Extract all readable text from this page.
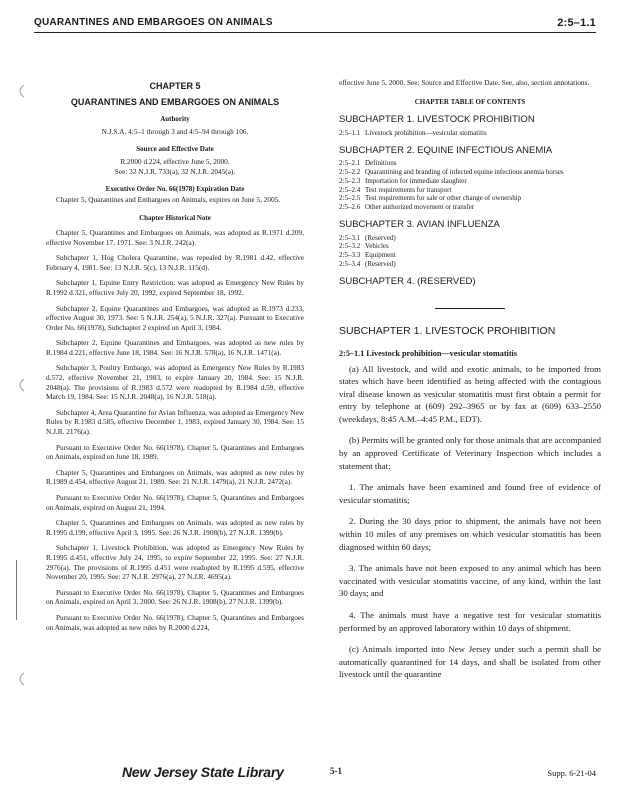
QUARANTINES AND EMBARGOES ON ANIMALS	2:5–1.1
CHAPTER 5
QUARANTINES AND EMBARGOES ON ANIMALS
Authority
N.J.S.A. 4:5–1 through 3 and 4:5–94 through 106.
Source and Effective Date
R.2000 d.224, effective June 5, 2000.
See: 32 N.J.R. 733(a), 32 N.J.R. 2045(a).
Executive Order No. 66(1978) Expiration Date

Chapter 5, Quarantines and Embargoes on Animals, expires on June 5, 2005.

Chapter Historical Note

Chapter 5, Quarantines and Embargoes on Animals, was adopted as R.1971 d.209, effective November 17, 1971. See: 3 N.J.R. 242(a).

Subchapter 1, Hog Cholera Quarantine, was repealed by R.1981 d.42, effective February 4, 1981. See: 13 N.J.R. 5(c), 13 N.J.R. 115(d).

Subchapter 1, Equine Entry Restriction, was adopted as Emergency New Rules by R.1992 d.321, effective July 20, 1992, expired September 18, 1992.

Subchapter 2, Equine Quarantines and Embargoes, was adopted as R.1973 d.233, effective August 30, 1973. See: 5 N.J.R. 254(a), 5 N.J.R. 327(a). Pursuant to Executive Order No. 66(1978), Subchapter 2 expired on April 3, 1984.

Subchapter 2, Equine Quarantines and Embargoes, was adopted as new rules by R.1984 d.221, effective June 18, 1984. See: 16 N.J.R. 578(a), 16 N.J.R. 1471(a).

Subchapter 3, Poultry Embargo, was adopted as Emergency New Rules by R.1983 d.572, effective November 21, 1983, to expire January 20, 1984. See: 15 N.J.R. 2048(a). The provisions of R.1983 d.572 were readopted by R.1984 d.59, effective March 19, 1984. See: 15 N.J.R. 2048(a), 16 N.J.R. 518(a).

Subchapter 4, Area Quarantine for Avian Influenza, was adopted as Emergency New Rules by R.1983 d.585, effective December 1, 1983, expired January 30, 1984. See: 15 N.J.R. 2176(a).

Pursuant to Executive Order No. 66(1978), Chapter 5, Quarantines and Embargoes on Animals, expired on June 18, 1989.

Chapter 5, Quarantines and Embargoes on Animals, was adopted as new rules by R.1989 d.454, effective August 21, 1989. See: 21 N.J.R. 1479(a), 21 N.J.R. 2472(a).

Pursuant to Executive Order No. 66(1978), Chapter 5, Quarantines and Embargoes on Animals, expired on August 21, 1994.

Chapter 5, Quarantines and Embargoes on Animals, was adopted as new rules by R.1995 d.199, effective April 3, 1995. See: 26 N.J.R. 1908(b), 27 N.J.R. 1399(b).

Subchapter 1, Livestock Prohibition, was adopted as Emergency New Rules by R.1995 d.451, effective July 24, 1995, to expire September 22, 1995. See: 27 N.J.R. 2976(a). The provisions of R.1995 d.451 were readopted by R.1995 d.595, effective November 20, 1995. See: 27 N.J.R. 2976(a), 27 N.J.R. 4695(a).

Pursuant to Executive Order No. 66(1978), Chapter 5, Quarantines and Embargoes on Animals, expired on April 3, 2000. See: 26 N.J.R. 1908(b), 27 N.J.R. 1399(b).

Pursuant to Executive Order No. 66(1978), Chapter 5, Quarantines and Embargoes on Animals, was adopted as new rules by R.2000 d.224,

effective June 5, 2000. See: Source and Effective Date. See, also, section annotations.

CHAPTER TABLE OF CONTENTS
SUBCHAPTER 1. LIVESTOCK PROHIBITION
2:5–1.1 Livestock prohibition—vesicular stomatitis
SUBCHAPTER 2. EQUINE INFECTIOUS ANEMIA
2:5–2.1 Definitions
2:5–2.2 Quarantining and branding of infected equine infectious anemia horses
2:5–2.3 Importation for immediate slaughter
2:5–2.4 Test requirements for transport
2:5–2.5 Test requirements for sale or other change of ownership
2:5–2.6 Other authorized movement or transfer
SUBCHAPTER 3. AVIAN INFLUENZA
2:5–3.1 (Reserved)
2:5–3.2 Vehicles
2:5–3.3 Equipment
2:5–3.4 (Reserved)
SUBCHAPTER 4. (RESERVED)
SUBCHAPTER 1. LIVESTOCK PROHIBITION
2:5–1.1 Livestock prohibition—vesicular stomatitis

(a) All livestock, and wild and exotic animals, to be imported from states which have been identified as being affected with the contagious viral disease known as vesicular stomatitis must first obtain a permit for entry by telephone at (609) 292–3965 or by fax at (609) 633–2550 (weekdays, 8:45 A.M.–4:45 P.M., EDT).

(b) Permits will be granted only for those animals that are accompanied by an approved Certificate of Veterinary Inspection which includes a statement that:

1. The animals have been examined and found free of evidence of vesicular stomatitis;

2. During the 30 days prior to shipment, the animals have not been within 10 miles of any premises on which vesicular stomatitis has been diagnosed within 60 days;

3. The animals have not been exposed to any animal which has been vaccinated with vesicular stomatitis vaccine, of any kind, within the last 30 days; and

4. The animals must have a negative test for vesicular stomatitis performed by an approved laboratory within 10 days of shipment.

(c) Animals imported into New Jersey under such a permit shall be automatically quarantined for 14 days, and shall be isolated from other livestock until the quarantine

New Jersey State Library	5-1	Supp. 6-21-04
